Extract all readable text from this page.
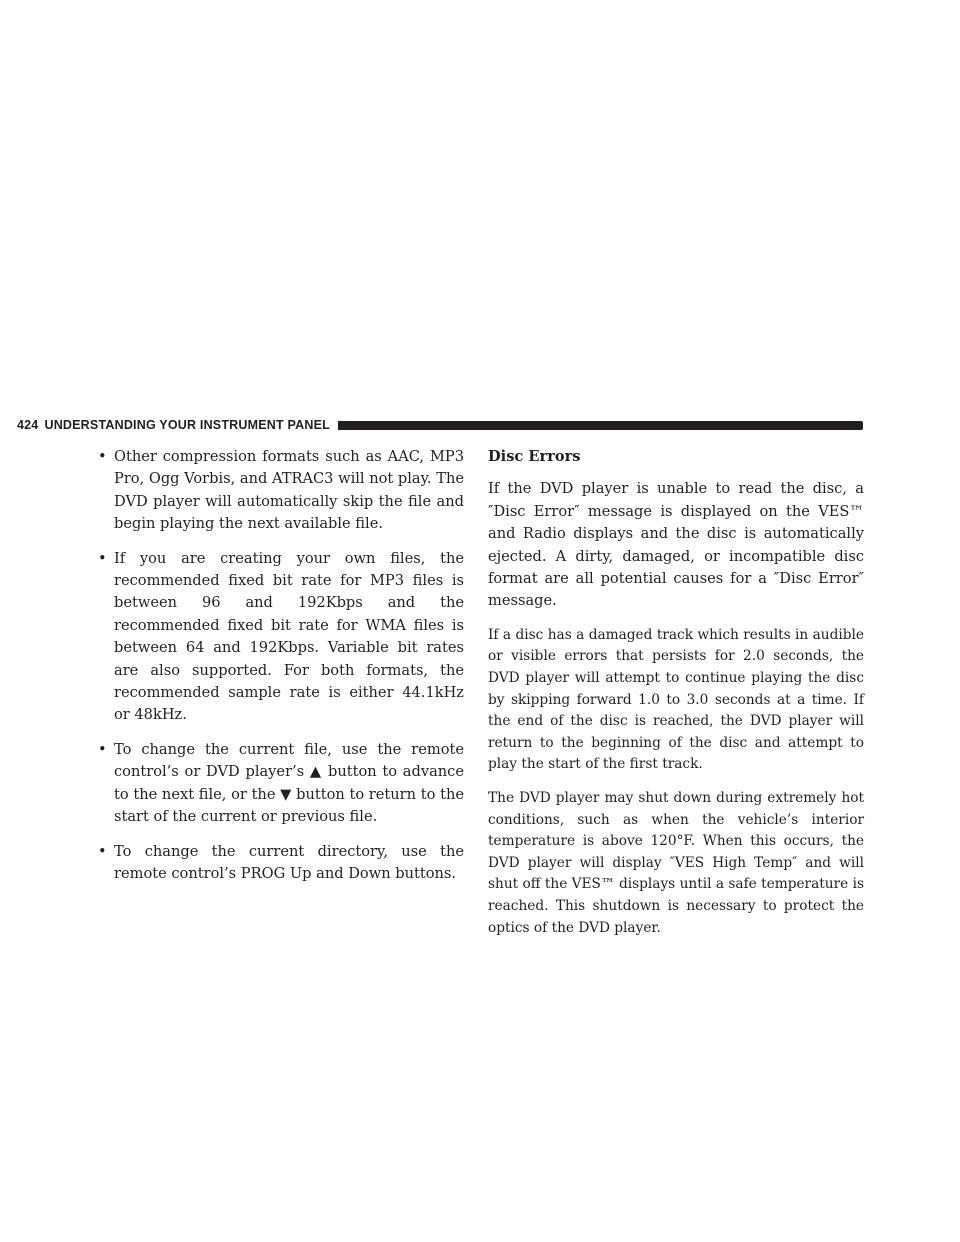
424 UNDERSTANDING YOUR INSTRUMENT PANEL
• Other compression formats such as AAC, MP3 Pro, Ogg Vorbis, and ATRAC3 will not play. The DVD player will automatically skip the file and begin playing the next available file.
• If you are creating your own files, the recommended fixed bit rate for MP3 files is between 96 and 192Kbps and the recommended fixed bit rate for WMA files is between 64 and 192Kbps. Variable bit rates are also supported. For both formats, the recommended sample rate is either 44.1kHz or 48kHz.
• To change the current file, use the remote control’s or DVD player’s ▲ button to advance to the next file, or the ▼ button to return to the start of the current or previous file.
• To change the current directory, use the remote control’s PROG Up and Down buttons.

Disc Errors

If the DVD player is unable to read the disc, a ″Disc Error″ message is displayed on the VES™ and Radio displays and the disc is automatically ejected. A dirty, damaged, or incompatible disc format are all potential causes for a ″Disc Error″ message.

If a disc has a damaged track which results in audible or visible errors that persists for 2.0 seconds, the DVD player will attempt to continue playing the disc by skipping forward 1.0 to 3.0 seconds at a time. If the end of the disc is reached, the DVD player will return to the beginning of the disc and attempt to play the start of the first track.

The DVD player may shut down during extremely hot conditions, such as when the vehicle’s interior temperature is above 120°F. When this occurs, the DVD player will display ″VES High Temp″ and will shut off the VES™ displays until a safe temperature is reached. This shutdown is necessary to protect the optics of the DVD player.
